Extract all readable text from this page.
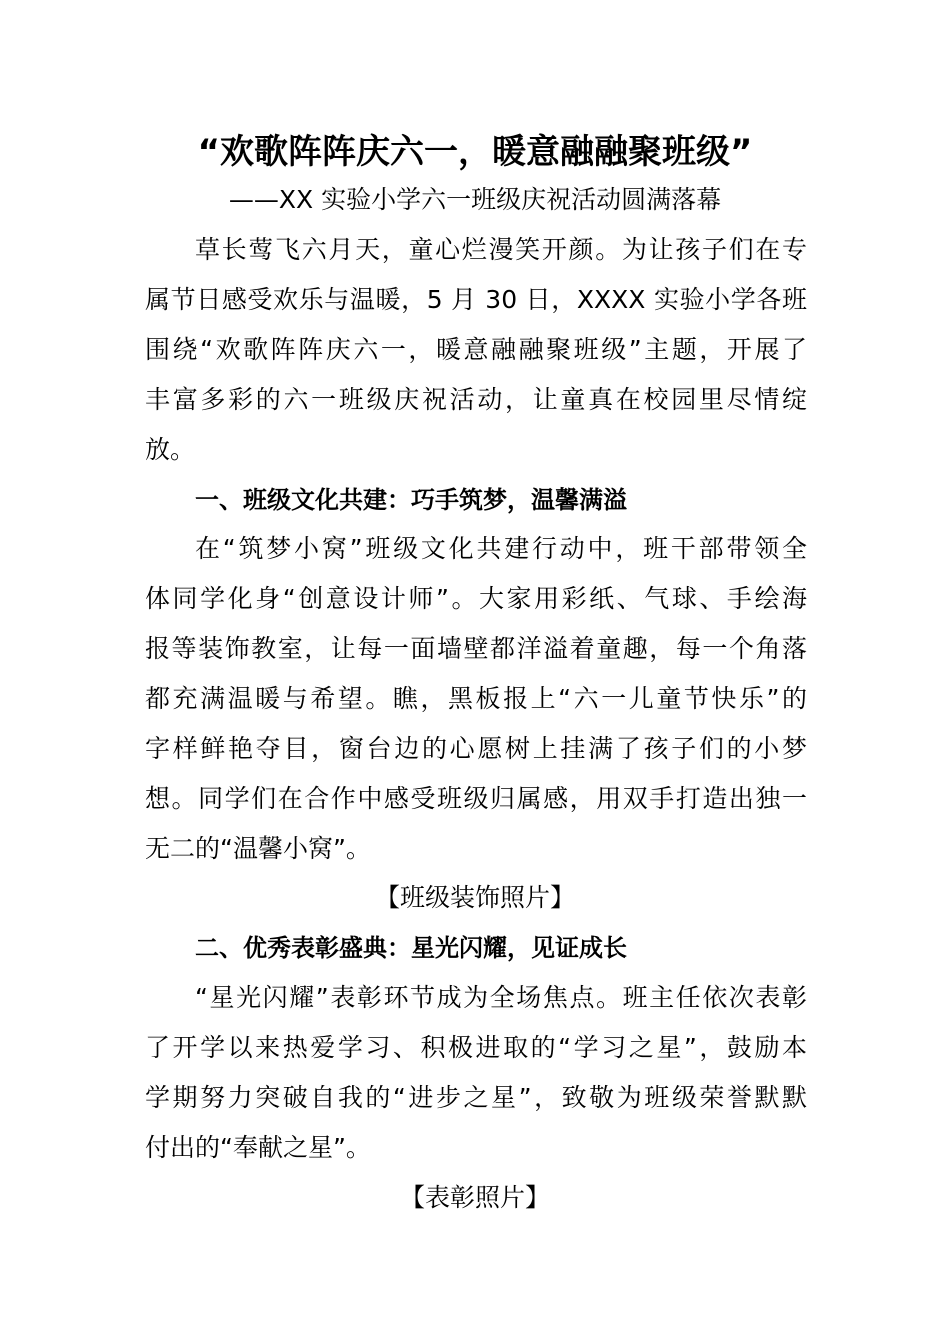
“欢歌阵阵庆六一，暖意融融聚班级”

——XX 实验小学六一班级庆祝活动圆满落幕

草长莺飞六月天，童心烂漫笑开颜。为让孩子们在专

属节日感受欢乐与温暖，5 月 30 日，XXXX 实验小学各班

围绕“欢歌阵阵庆六一，暖意融融聚班级”主题，开展了

丰富多彩的六一班级庆祝活动，让童真在校园里尽情绽

放。

一、班级文化共建：巧手筑梦，温馨满溢

在“筑梦小窝”班级文化共建行动中，班干部带领全

体同学化身“创意设计师”。大家用彩纸、气球、手绘海

报等装饰教室，让每一面墙壁都洋溢着童趣，每一个角落

都充满温暖与希望。瞧，黑板报上“六一儿童节快乐”的

字样鲜艳夺目，窗台边的心愿树上挂满了孩子们的小梦

想。同学们在合作中感受班级归属感，用双手打造出独一

无二的“温馨小窝”。

【班级装饰照片】

二、优秀表彰盛典：星光闪耀，见证成长

“星光闪耀”表彰环节成为全场焦点。班主任依次表彰

了开学以来热爱学习、积极进取的“学习之星”，鼓励本

学期努力突破自我的“进步之星”，致敬为班级荣誉默默

付出的“奉献之星”。

【表彰照片】
